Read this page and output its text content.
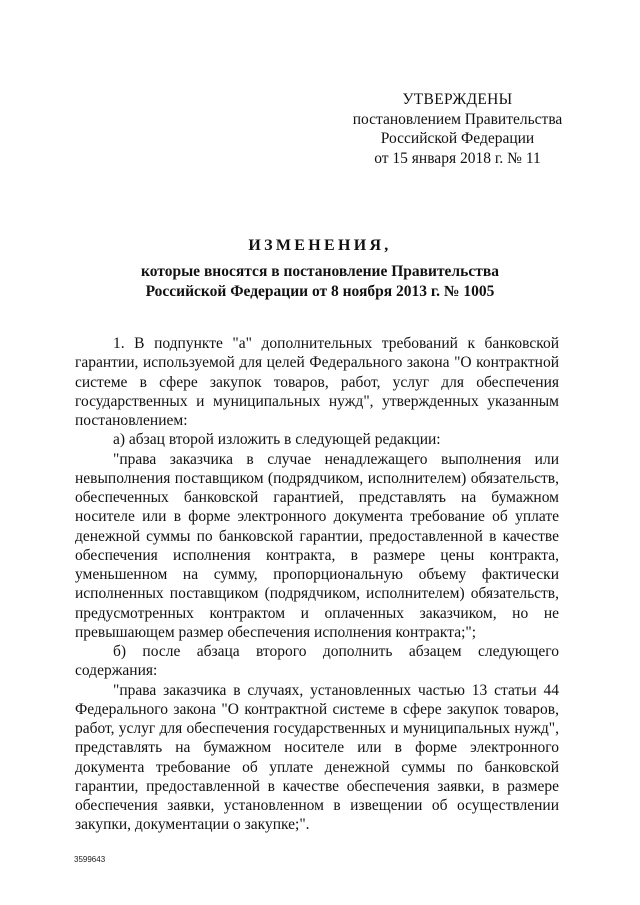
УТВЕРЖДЕНЫ
постановлением Правительства
Российской Федерации
от 15 января 2018 г. № 11
ИЗМЕНЕНИЯ,
которые вносятся в постановление Правительства
Российской Федерации от 8 ноября 2013 г. № 1005

1. В подпункте "а" дополнительных требований к банковской гарантии, используемой для целей Федерального закона "О контрактной системе в сфере закупок товаров, работ, услуг для обеспечения государственных и муниципальных нужд", утвержденных указанным постановлением:

а) абзац второй изложить в следующей редакции:

"права заказчика в случае ненадлежащего выполнения или невыполнения поставщиком (подрядчиком, исполнителем) обязательств, обеспеченных банковской гарантией, представлять на бумажном носителе или в форме электронного документа требование об уплате денежной суммы по банковской гарантии, предоставленной в качестве обеспечения исполнения контракта, в размере цены контракта, уменьшенном на сумму, пропорциональную объему фактически исполненных поставщиком (подрядчиком, исполнителем) обязательств, предусмотренных контрактом и оплаченных заказчиком, но не превышающем размер обеспечения исполнения контракта;";

б) после абзаца второго дополнить абзацем следующего содержания:

"права заказчика в случаях, установленных частью 13 статьи 44 Федерального закона "О контрактной системе в сфере закупок товаров, работ, услуг для обеспечения государственных и муниципальных нужд", представлять на бумажном носителе или в форме электронного документа требование об уплате денежной суммы по банковской гарантии, предоставленной в качестве обеспечения заявки, в размере обеспечения заявки, установленном в извещении об осуществлении закупки, документации о закупке;".

3599643
